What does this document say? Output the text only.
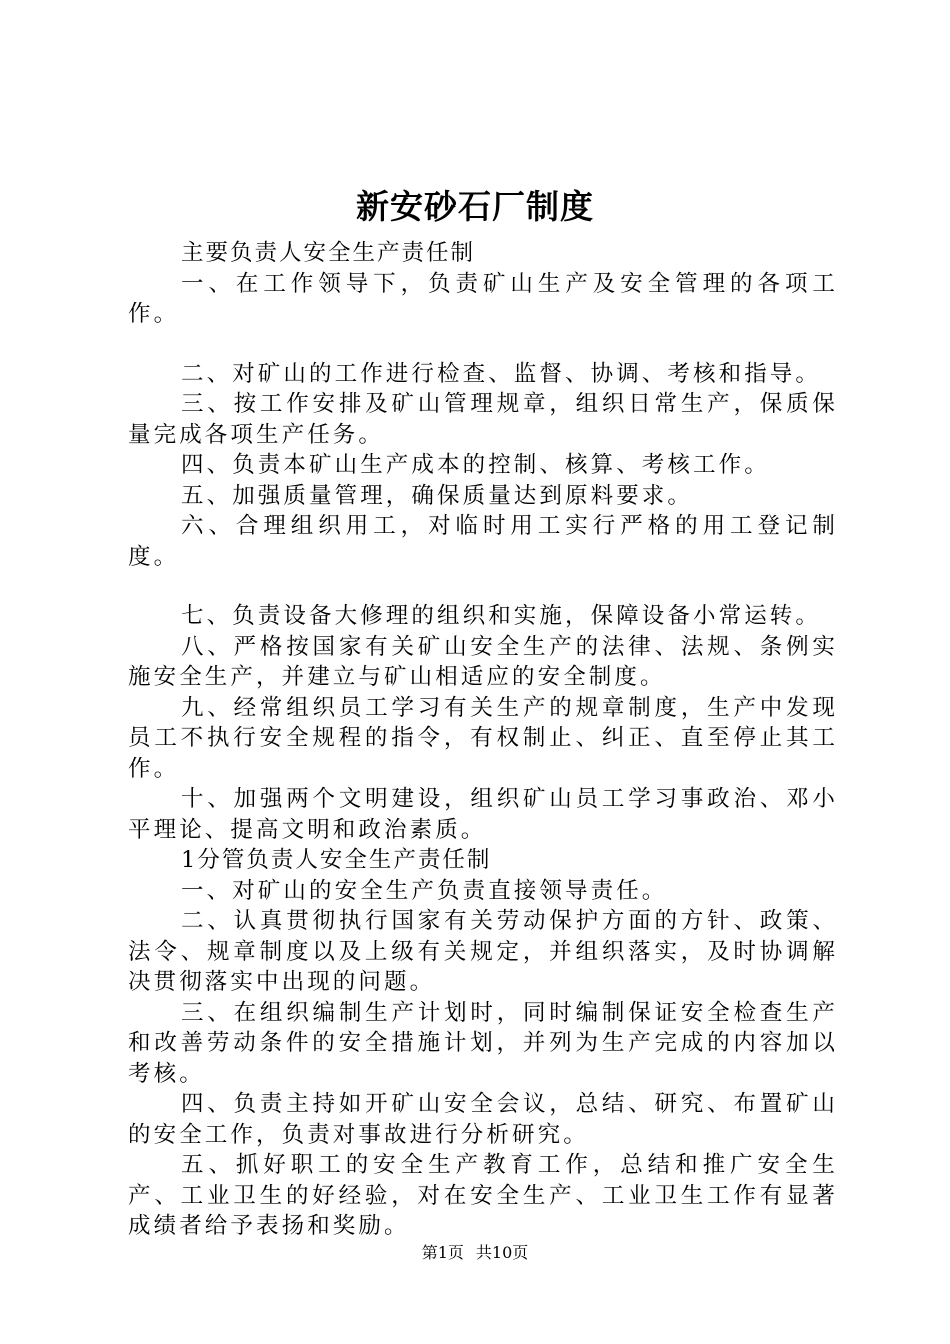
新安砂石厂制度

主要负责人安全生产责任制

一、在工作领导下，负责矿山生产及安全管理的各项工作。

二、对矿山的工作进行检查、监督、协调、考核和指导。

三、按工作安排及矿山管理规章，组织日常生产，保质保量完成各项生产任务。

四、负责本矿山生产成本的控制、核算、考核工作。

五、加强质量管理，确保质量达到原料要求。

六、合理组织用工，对临时用工实行严格的用工登记制度。

七、负责设备大修理的组织和实施，保障设备小常运转。

八、严格按国家有关矿山安全生产的法律、法规、条例实施安全生产，并建立与矿山相适应的安全制度。

九、经常组织员工学习有关生产的规章制度，生产中发现员工不执行安全规程的指令，有权制止、纠正、直至停止其工作。

十、加强两个文明建设，组织矿山员工学习事政治、邓小平理论、提高文明和政治素质。

1分管负责人安全生产责任制

一、对矿山的安全生产负责直接领导责任。

二、认真贯彻执行国家有关劳动保护方面的方针、政策、法令、规章制度以及上级有关规定，并组织落实，及时协调解决贯彻落实中出现的问题。

三、在组织编制生产计划时，同时编制保证安全检查生产和改善劳动条件的安全措施计划，并列为生产完成的内容加以考核。

四、负责主持如开矿山安全会议，总结、研究、布置矿山的安全工作，负责对事故进行分析研究。

五、抓好职工的安全生产教育工作，总结和推广安全生产、工业卫生的好经验，对在安全生产、工业卫生工作有显著成绩者给予表扬和奖励。

第1页 共10页
